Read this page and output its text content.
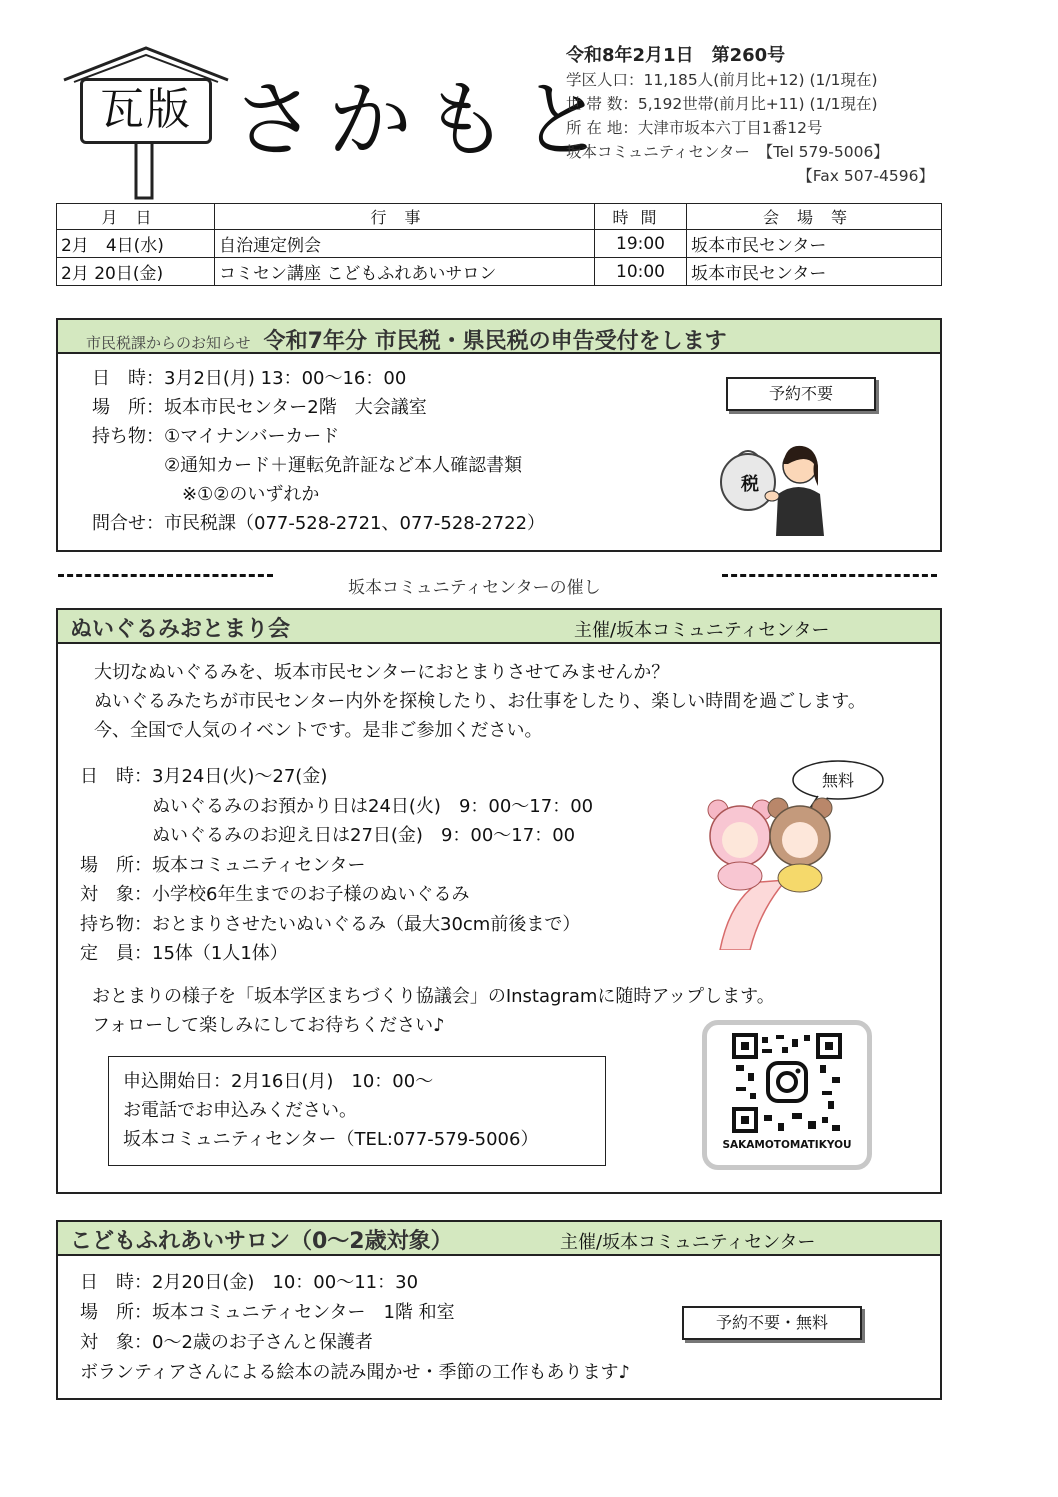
瓦版 さかもと
令和8年2月1日　第260号
学区人口：11,185人(前月比+12) (1/1現在)
世 帯 数：5,192世帯(前月比+11) (1/1現在)
所 在 地：大津市坂本六丁目1番12号
坂本コミュニティセンター　【Tel 579-5006】
【Fax 507-4596】
月日	行事	時間	会場等
2月　4日(水)	自治連定例会	19:00	坂本市民センター
2月 20日(金)	コミセン講座 こどもふれあいサロン	10:00	坂本市民センター
市民税課からのお知らせ 令和7年分 市民税・県民税の申告受付をします
日　時：3月2日(月) 13：00～16：00
場　所：坂本市民センター2階　大会議室
持ち物：①マイナンバーカード
　　　　②通知カード＋運転免許証など本人確認書類
　　　　　※①②のいずれか
問合せ：市民税課（077-528-2721、077-528-2722）
予約不要
税
坂本コミュニティセンターの催し
ぬいぐるみおとまり会	主催/坂本コミュニティセンター
大切なぬいぐるみを、坂本市民センターにおとまりさせてみませんか？
ぬいぐるみたちが市民センター内外を探検したり、お仕事をしたり、楽しい時間を過ごします。
今、全国で人気のイベントです。是非ご参加ください。
日　時：3月24日(火)～27(金)
　　　　ぬいぐるみのお預かり日は24日(火)　9：00～17：00
　　　　ぬいぐるみのお迎え日は27日(金)　9：00～17：00
場　所：坂本コミュニティセンター
対　象：小学校6年生までのお子様のぬいぐるみ
持ち物：おとまりさせたいぬいぐるみ（最大30cm前後まで）
定　員：15体（1人1体）
無料
おとまりの様子を「坂本学区まちづくり協議会」のInstagramに随時アップします。
フォローして楽しみにしてお待ちください♪
申込開始日：2月16日(月)　10：00～
お電話でお申込みください。
坂本コミュニティセンター（TEL:077-579-5006）	SAKAMOTOMATIKYOU
こどもふれあいサロン（0～2歳対象）	主催/坂本コミュニティセンター
日　時：2月20日(金)　10：00～11：30
場　所：坂本コミュニティセンター　1階 和室
対　象：0～2歳のお子さんと保護者
ボランティアさんによる絵本の読み聞かせ・季節の工作もあります♪
予約不要・無料
